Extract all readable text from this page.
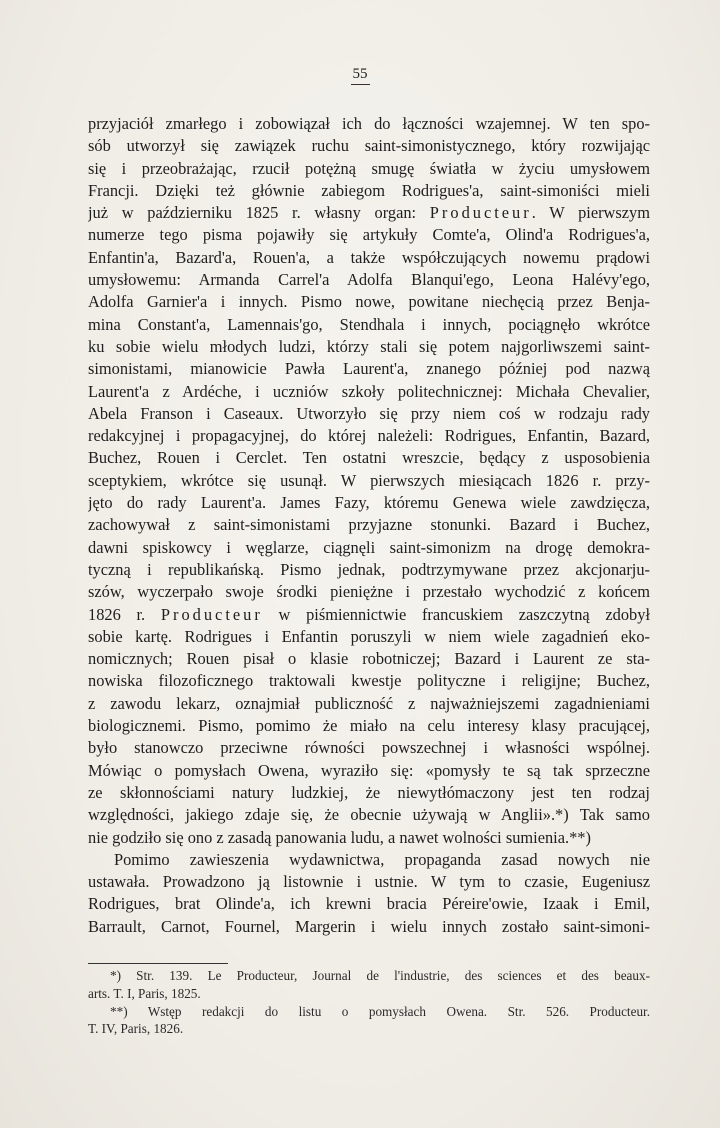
55
przyjaciół zmarłego i zobowiązał ich do łączności wzajemnej. W ten spo-
sób utworzył się zawiązek ruchu saint-simonistycznego, który rozwijając
się i przeobrażając, rzucił potężną smugę światła w życiu umysłowem
Francji. Dzięki też głównie zabiegom Rodrigues'a, saint-simoniści mieli
już w październiku 1825 r. własny organ: Producteur. W pierwszym
numerze tego pisma pojawiły się artykuły Comte'a, Olind'a Rodrigues'a,
Enfantin'a, Bazard'a, Rouen'a, a także współczujących nowemu prądowi
umysłowemu: Armanda Carrel'a Adolfa Blanqui'ego, Leona Halévy'ego,
Adolfa Garnier'a i innych. Pismo nowe, powitane niechęcią przez Benja-
mina Constant'a, Lamennais'go, Stendhala i innych, pociągnęło wkrótce
ku sobie wielu młodych ludzi, którzy stali się potem najgorliwszemi saint-
simonistami, mianowicie Pawła Laurent'a, znanego później pod nazwą
Laurent'a z Ardéche, i uczniów szkoły politechnicznej: Michała Chevalier,
Abela Franson i Caseaux. Utworzyło się przy niem coś w rodzaju rady
redakcyjnej i propagacyjnej, do której należeli: Rodrigues, Enfantin, Bazard,
Buchez, Rouen i Cerclet. Ten ostatni wreszcie, będący z usposobienia
sceptykiem, wkrótce się usunął. W pierwszych miesiącach 1826 r. przy-
jęto do rady Laurent'a. James Fazy, któremu Genewa wiele zawdzięcza,
zachowywał z saint-simonistami przyjazne stonunki. Bazard i Buchez,
dawni spiskowcy i węglarze, ciągnęli saint-simonizm na drogę demokra-
tyczną i republikańską. Pismo jednak, podtrzymywane przez akcjonarju-
szów, wyczerpało swoje środki pieniężne i przestało wychodzić z końcem
1826 r. Producteur w piśmiennictwie francuskiem zaszczytną zdobył
sobie kartę. Rodrigues i Enfantin poruszyli w niem wiele zagadnień eko-
nomicznych; Rouen pisał o klasie robotniczej; Bazard i Laurent ze sta-
nowiska filozoficznego traktowali kwestje polityczne i religijne; Buchez,
z zawodu lekarz, oznajmiał publiczność z najważniejszemi zagadnieniami
biologicznemi. Pismo, pomimo że miało na celu interesy klasy pracującej,
było stanowczo przeciwne równości powszechnej i własności wspólnej.
Mówiąc o pomysłach Owena, wyraziło się: «pomysły te są tak sprzeczne
ze skłonnościami natury ludzkiej, że niewytłómaczony jest ten rodzaj
względności, jakiego zdaje się, że obecnie używają w Anglii».*) Tak samo
nie godziło się ono z zasadą panowania ludu, a nawet wolności sumienia.**)
Pomimo zawieszenia wydawnictwa, propaganda zasad nowych nie
ustawała. Prowadzono ją listownie i ustnie. W tym to czasie, Eugeniusz
Rodrigues, brat Olinde'a, ich krewni bracia Péreire'owie, Izaak i Emil,
Barrault, Carnot, Fournel, Margerin i wielu innych zostało saint-simoni-
*) Str. 139. Le Producteur, Journal de l'industrie, des sciences et des beaux-
arts. T. I, Paris, 1825.
**) Wstęp redakcji do listu o pomysłach Owena. Str. 526. Producteur.
T. IV, Paris, 1826.
